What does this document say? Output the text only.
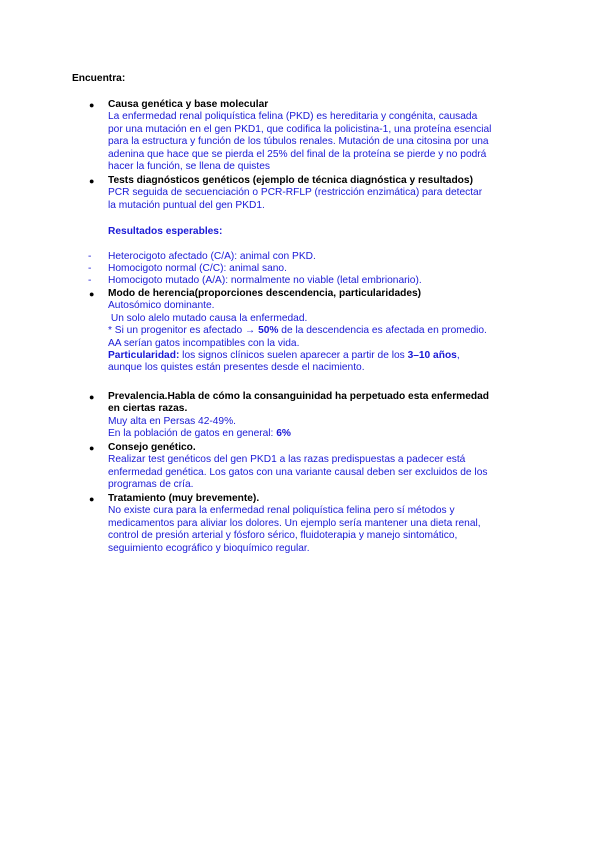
Encuentra:
● Causa genética y base molecular
La enfermedad renal poliquística felina (PKD) es hereditaria y congénita, causada
por una mutación en el gen PKD1, que codifica la policistina-1, una proteína esencial
para la estructura y función de los túbulos renales. Mutación de una citosina por una
adenina que hace que se pierda el 25% del final de la proteína se pierde y no podrá
hacer la función, se llena de quistes
● Tests diagnósticos genéticos (ejemplo de técnica diagnóstica y resultados)
PCR seguida de secuenciación o PCR-RFLP (restricción enzimática) para detectar
la mutación puntual del gen PKD1.
Resultados esperables:
- Heterocigoto afectado (C/A): animal con PKD.
- Homocigoto normal (C/C): animal sano.
- Homocigoto mutado (A/A): normalmente no viable (letal embrionario).
● Modo de herencia(proporciones descendencia, particularidades)
Autosómico dominante.
Un solo alelo mutado causa la enfermedad.
* Si un progenitor es afectado → 50% de la descendencia es afectada en promedio.
AA serían gatos incompatibles con la vida.
Particularidad: los signos clínicos suelen aparecer a partir de los 3–10 años,
aunque los quistes están presentes desde el nacimiento.
● Prevalencia.Habla de cómo la consanguinidad ha perpetuado esta enfermedad
en ciertas razas.
Muy alta en Persas 42-49%.
En la población de gatos en general: 6%
● Consejo genético.
Realizar test genéticos del gen PKD1 a las razas predispuestas a padecer está
enfermedad genética. Los gatos con una variante causal deben ser excluidos de los
programas de cría.
● Tratamiento (muy brevemente).
No existe cura para la enfermedad renal poliquística felina pero sí métodos y
medicamentos para aliviar los dolores. Un ejemplo sería mantener una dieta renal,
control de presión arterial y fósforo sérico, fluidoterapia y manejo sintomático,
seguimiento ecográfico y bioquímico regular.
